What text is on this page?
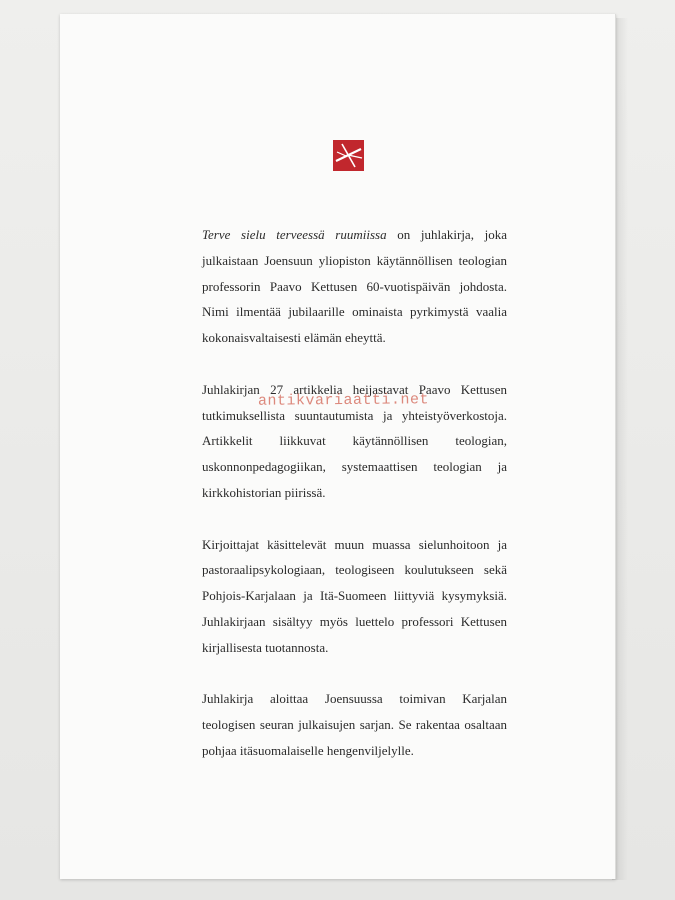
Terve sielu terveessä ruumiissa on juhlakirja, joka julkaistaan Joensuun yliopiston käytännöllisen teologian professorin Paavo Kettusen 60-vuotispäivän johdosta. Nimi ilmentää jubilaarille ominaista pyrkimystä vaalia kokonaisvaltaisesti elämän eheyttä.

Juhlakirjan 27 artikkelia heijastavat Paavo Kettusen tutkimuksellista suuntautumista ja yhteistyöverkostoja. Artikkelit liikkuvat käytännöllisen teologian, uskonnonpedagogiikan, systemaattisen teologian ja kirkkohistorian piirissä.

Kirjoittajat käsittelevät muun muassa sielunhoitoon ja pastoraalipsykologiaan, teologiseen koulutukseen sekä Pohjois-Karjalaan ja Itä-Suomeen liittyviä kysymyksiä. Juhlakirjaan sisältyy myös luettelo professori Kettusen kirjallisesta tuotannosta.

Juhlakirja aloittaa Joensuussa toimivan Karjalan teologisen seuran julkaisujen sarjan. Se rakentaa osaltaan pohjaa itäsuomalaiselle hengenviljelylle.

antikvariaatti.net
